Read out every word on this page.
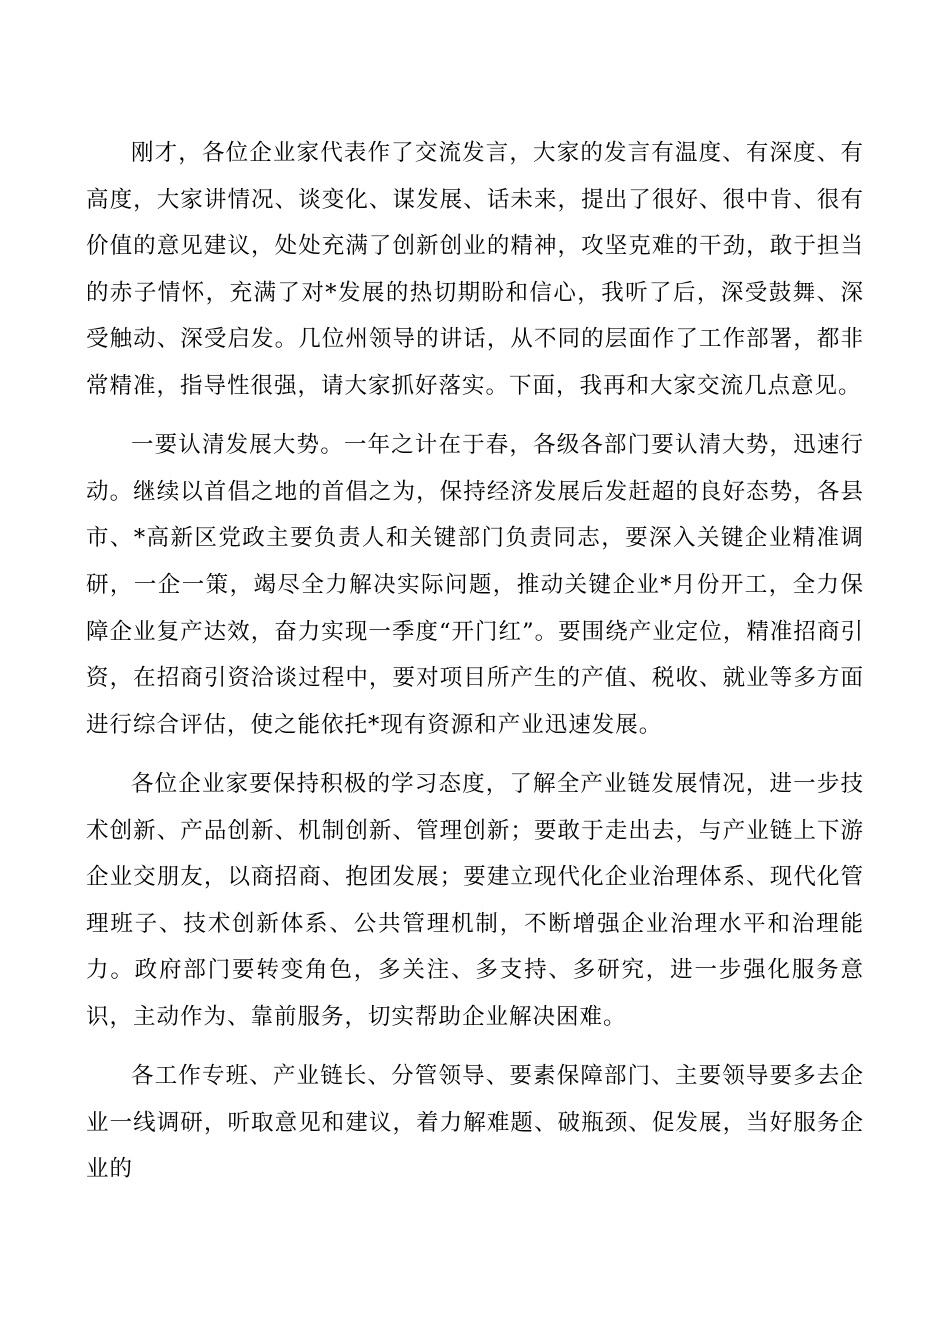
刚才，各位企业家代表作了交流发言，大家的发言有温度、有深度、有高度，大家讲情况、谈变化、谋发展、话未来，提出了很好、很中肯、很有价值的意见建议，处处充满了创新创业的精神，攻坚克难的干劲，敢于担当的赤子情怀，充满了对*发展的热切期盼和信心，我听了后，深受鼓舞、深受触动、深受启发。几位州领导的讲话，从不同的层面作了工作部署，都非常精准，指导性很强，请大家抓好落实。下面，我再和大家交流几点意见。

一要认清发展大势。一年之计在于春，各级各部门要认清大势，迅速行动。继续以首倡之地的首倡之为，保持经济发展后发赶超的良好态势，各县市、*高新区党政主要负责人和关键部门负责同志，要深入关键企业精准调研，一企一策，竭尽全力解决实际问题，推动关键企业*月份开工，全力保障企业复产达效，奋力实现一季度“开门红”。要围绕产业定位，精准招商引资，在招商引资洽谈过程中，要对项目所产生的产值、税收、就业等多方面进行综合评估，使之能依托*现有资源和产业迅速发展。

各位企业家要保持积极的学习态度，了解全产业链发展情况，进一步技术创新、产品创新、机制创新、管理创新；要敢于走出去，与产业链上下游企业交朋友，以商招商、抱团发展；要建立现代化企业治理体系、现代化管理班子、技术创新体系、公共管理机制，不断增强企业治理水平和治理能力。政府部门要转变角色，多关注、多支持、多研究，进一步强化服务意识，主动作为、靠前服务，切实帮助企业解决困难。

各工作专班、产业链长、分管领导、要素保障部门、主要领导要多去企业一线调研，听取意见和建议，着力解难题、破瓶颈、促发展，当好服务企业的
